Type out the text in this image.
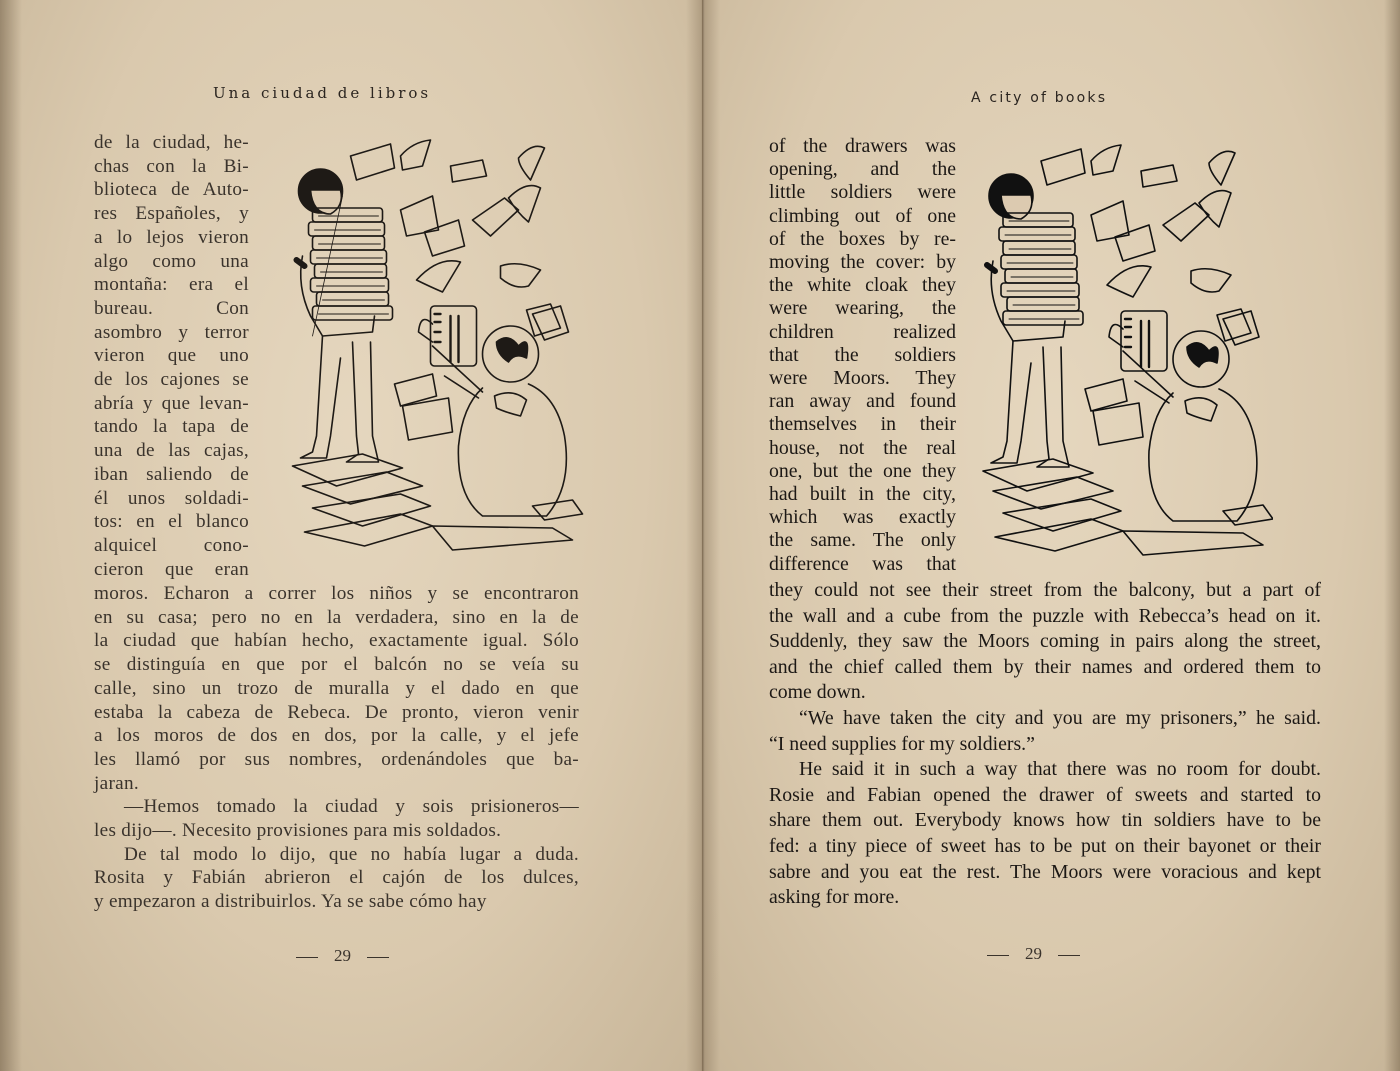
Una ciudad de libros
de la ciudad, he-
chas con la Bi-
blioteca de Auto-
res Españoles, y
a lo lejos vieron
algo como una
montaña: era el
bureau. Con
asombro y terror
vieron que uno
de los cajones se
abría y que levan-
tando la tapa de
una de las cajas,
iban saliendo de
él unos soldadi-
tos: en el blanco
alquicel cono-
cieron que eran
moros. Echaron a correr los niños y se encontraron
en su casa; pero no en la verdadera, sino en la de
la ciudad que habían hecho, exactamente igual. Sólo
se distinguía en que por el balcón no se veía su
calle, sino un trozo de muralla y el dado en que
estaba la cabeza de Rebeca. De pronto, vieron venir
a los moros de dos en dos, por la calle, y el jefe
les llamó por sus nombres, ordenándoles que ba-
jaran.
—Hemos tomado la ciudad y sois prisioneros—
les dijo—. Necesito provisiones para mis soldados.
De tal modo lo dijo, que no había lugar a duda.
Rosita y Fabián abrieron el cajón de los dulces,
y empezaron a distribuirlos. Ya se sabe cómo hay
29
A city of books
of the drawers was
opening, and the
little soldiers were
climbing out of one
of the boxes by re-
moving the cover: by
the white cloak they
were wearing, the
children realized
that the soldiers
were Moors. They
ran away and found
themselves in their
house, not the real
one, but the one they
had built in the city,
which was exactly
the same. The only
difference was that
they could not see their street from the balcony, but a part of
the wall and a cube from the puzzle with Rebecca’s head on it.
Suddenly, they saw the Moors coming in pairs along the street,
and the chief called them by their names and ordered them to
come down.
“We have taken the city and you are my prisoners,” he said.
“I need supplies for my soldiers.”
He said it in such a way that there was no room for doubt.
Rosie and Fabian opened the drawer of sweets and started to
share them out. Everybody knows how tin soldiers have to be
fed: a tiny piece of sweet has to be put on their bayonet or their
sabre and you eat the rest. The Moors were voracious and kept
asking for more.
29
